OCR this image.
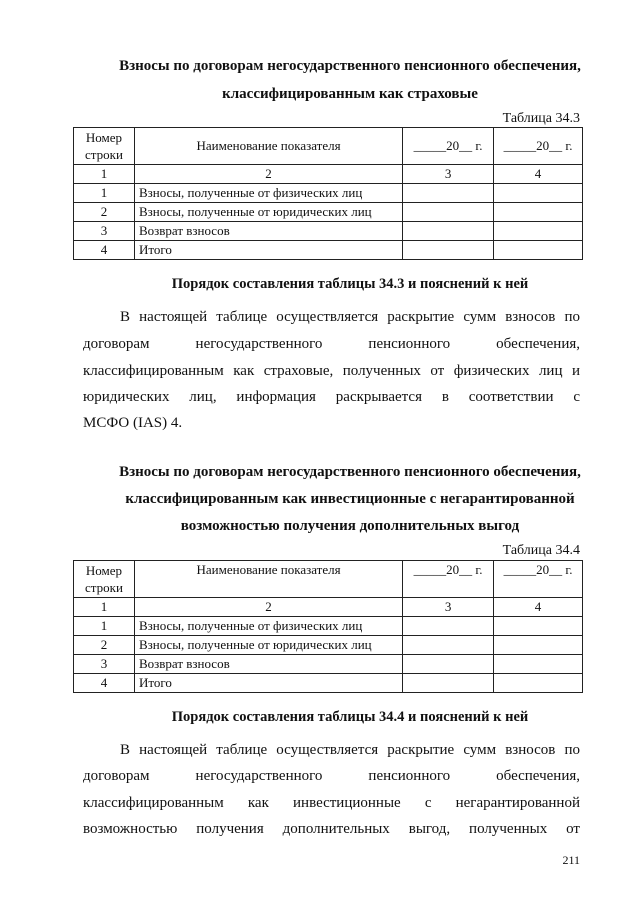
Взносы по договорам негосударственного пенсионного обеспечения,
классифицированным как страховые
Таблица 34.3
Номер строки	Наименование показателя	_____20__ г.	_____20__ г.
1	2	3	4
1	Взносы, полученные от физических лиц		
2	Взносы, полученные от юридических лиц		
3	Возврат взносов		
4	Итого		
Порядок составления таблицы 34.3 и пояснений к ней
В настоящей таблице осуществляется раскрытие сумм взносов по
договорам негосударственного пенсионного обеспечения,
классифицированным как страховые, полученных от физических лиц и
юридических лиц, информация раскрывается в соответствии с
МСФО (IAS) 4.
Взносы по договорам негосударственного пенсионного обеспечения,
классифицированным как инвестиционные с негарантированной
возможностью получения дополнительных выгод
Таблица 34.4
Номер строки	Наименование показателя	_____20__ г.	_____20__ г.
1	2	3	4
1	Взносы, полученные от физических лиц		
2	Взносы, полученные от юридических лиц		
3	Возврат взносов		
4	Итого		
Порядок составления таблицы 34.4 и пояснений к ней
В настоящей таблице осуществляется раскрытие сумм взносов по
договорам негосударственного пенсионного обеспечения,
классифицированным как инвестиционные с негарантированной
возможностью получения дополнительных выгод, полученных от
211
